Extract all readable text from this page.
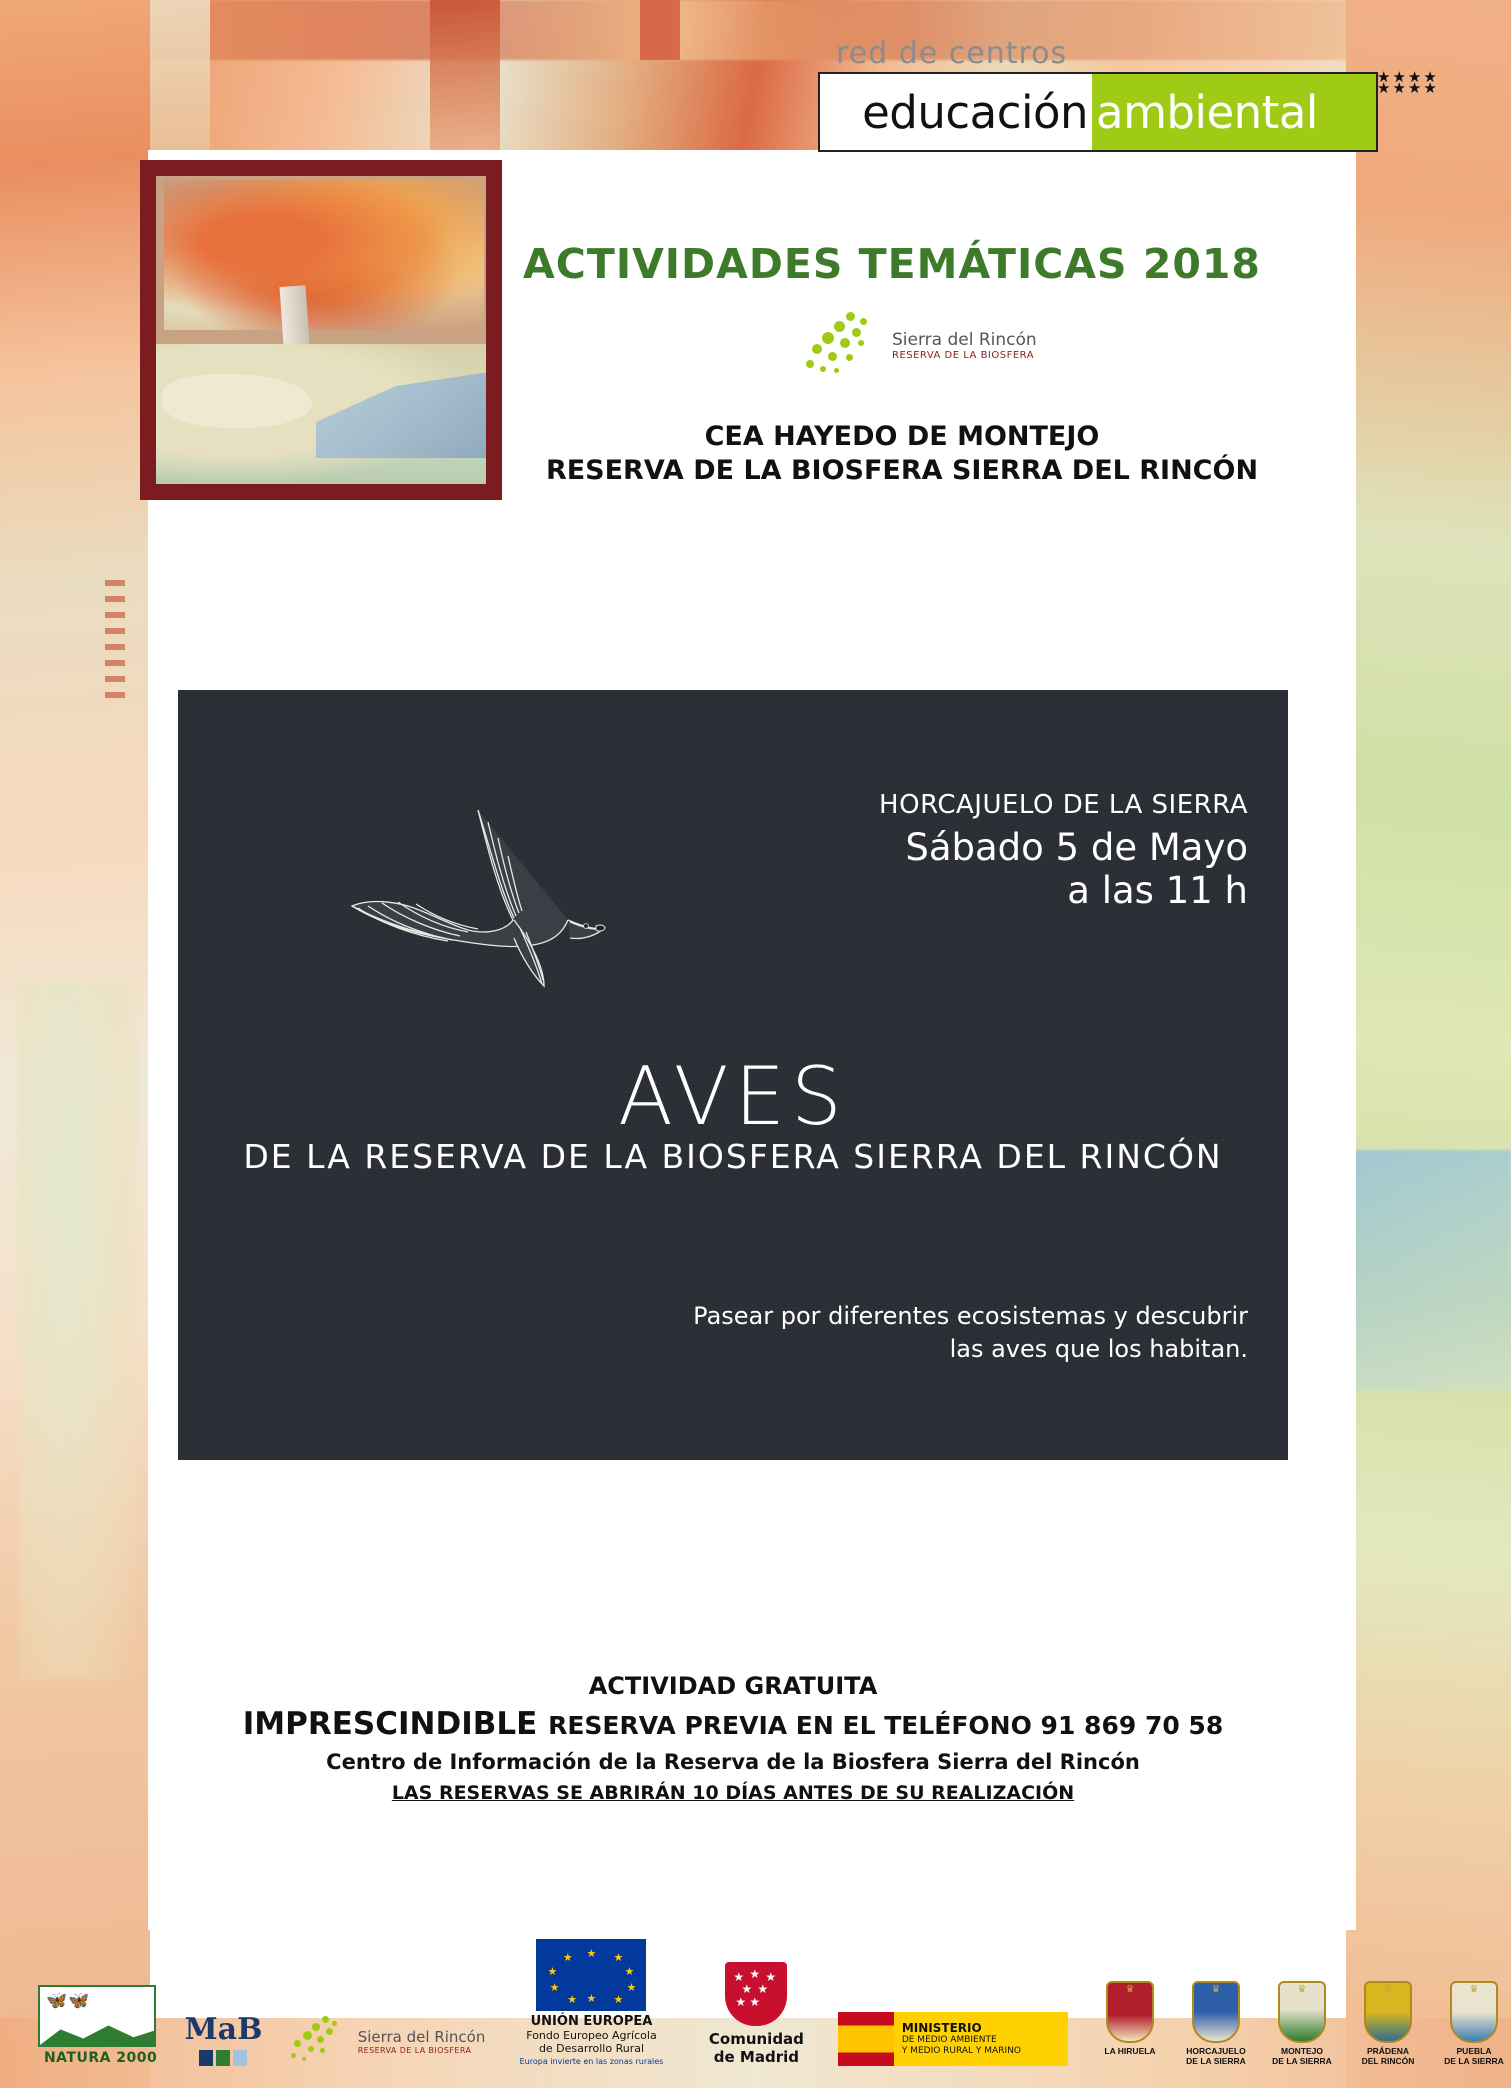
red de centros
educación ambiental
★★★★ ★★★★
ACTIVIDADES TEMÁTICAS 2018
Sierra del Rincón
RESERVA DE LA BIOSFERA
CEA HAYEDO DE MONTEJO
RESERVA DE LA BIOSFERA SIERRA DEL RINCÓN
HORCAJUELO DE LA SIERRA
Sábado 5 de Mayo
a las 11 h
AVES
DE LA RESERVA DE LA BIOSFERA SIERRA DEL RINCÓN
Pasear por diferentes ecosistemas y descubrir las aves que los habitan.
ACTIVIDAD GRATUITA
IMPRESCINDIBLE RESERVA PREVIA EN EL TELÉFONO 91 869 70 58
Centro de Información de la Reserva de la Biosfera Sierra del Rincón
LAS RESERVAS SE ABRIRÁN 10 DÍAS ANTES DE SU REALIZACIÓN
🦋🦋
NATURA 2000
MaB	Sierra del Rincón
RESERVA DE LA BIOSFERA
★ ★
★
★
★
★
★
★
★
★
UNIÓN EUROPEA
Fondo Europeo Agrícola
de Desarrollo Rural
Europa invierte en las zonas rurales
★ ★ ★
★ ★
★
★
Comunidad
de Madrid
MINISTERIO
DE MEDIO AMBIENTE
Y MEDIO RURAL Y MARINO
♛
LA HIRUELA
♛
HORCAJUELO
DE LA SIERRA
♛
MONTEJO
DE LA SIERRA
♛
PRÁDENA
DEL RINCÓN
♛
PUEBLA
DE LA SIERRA
